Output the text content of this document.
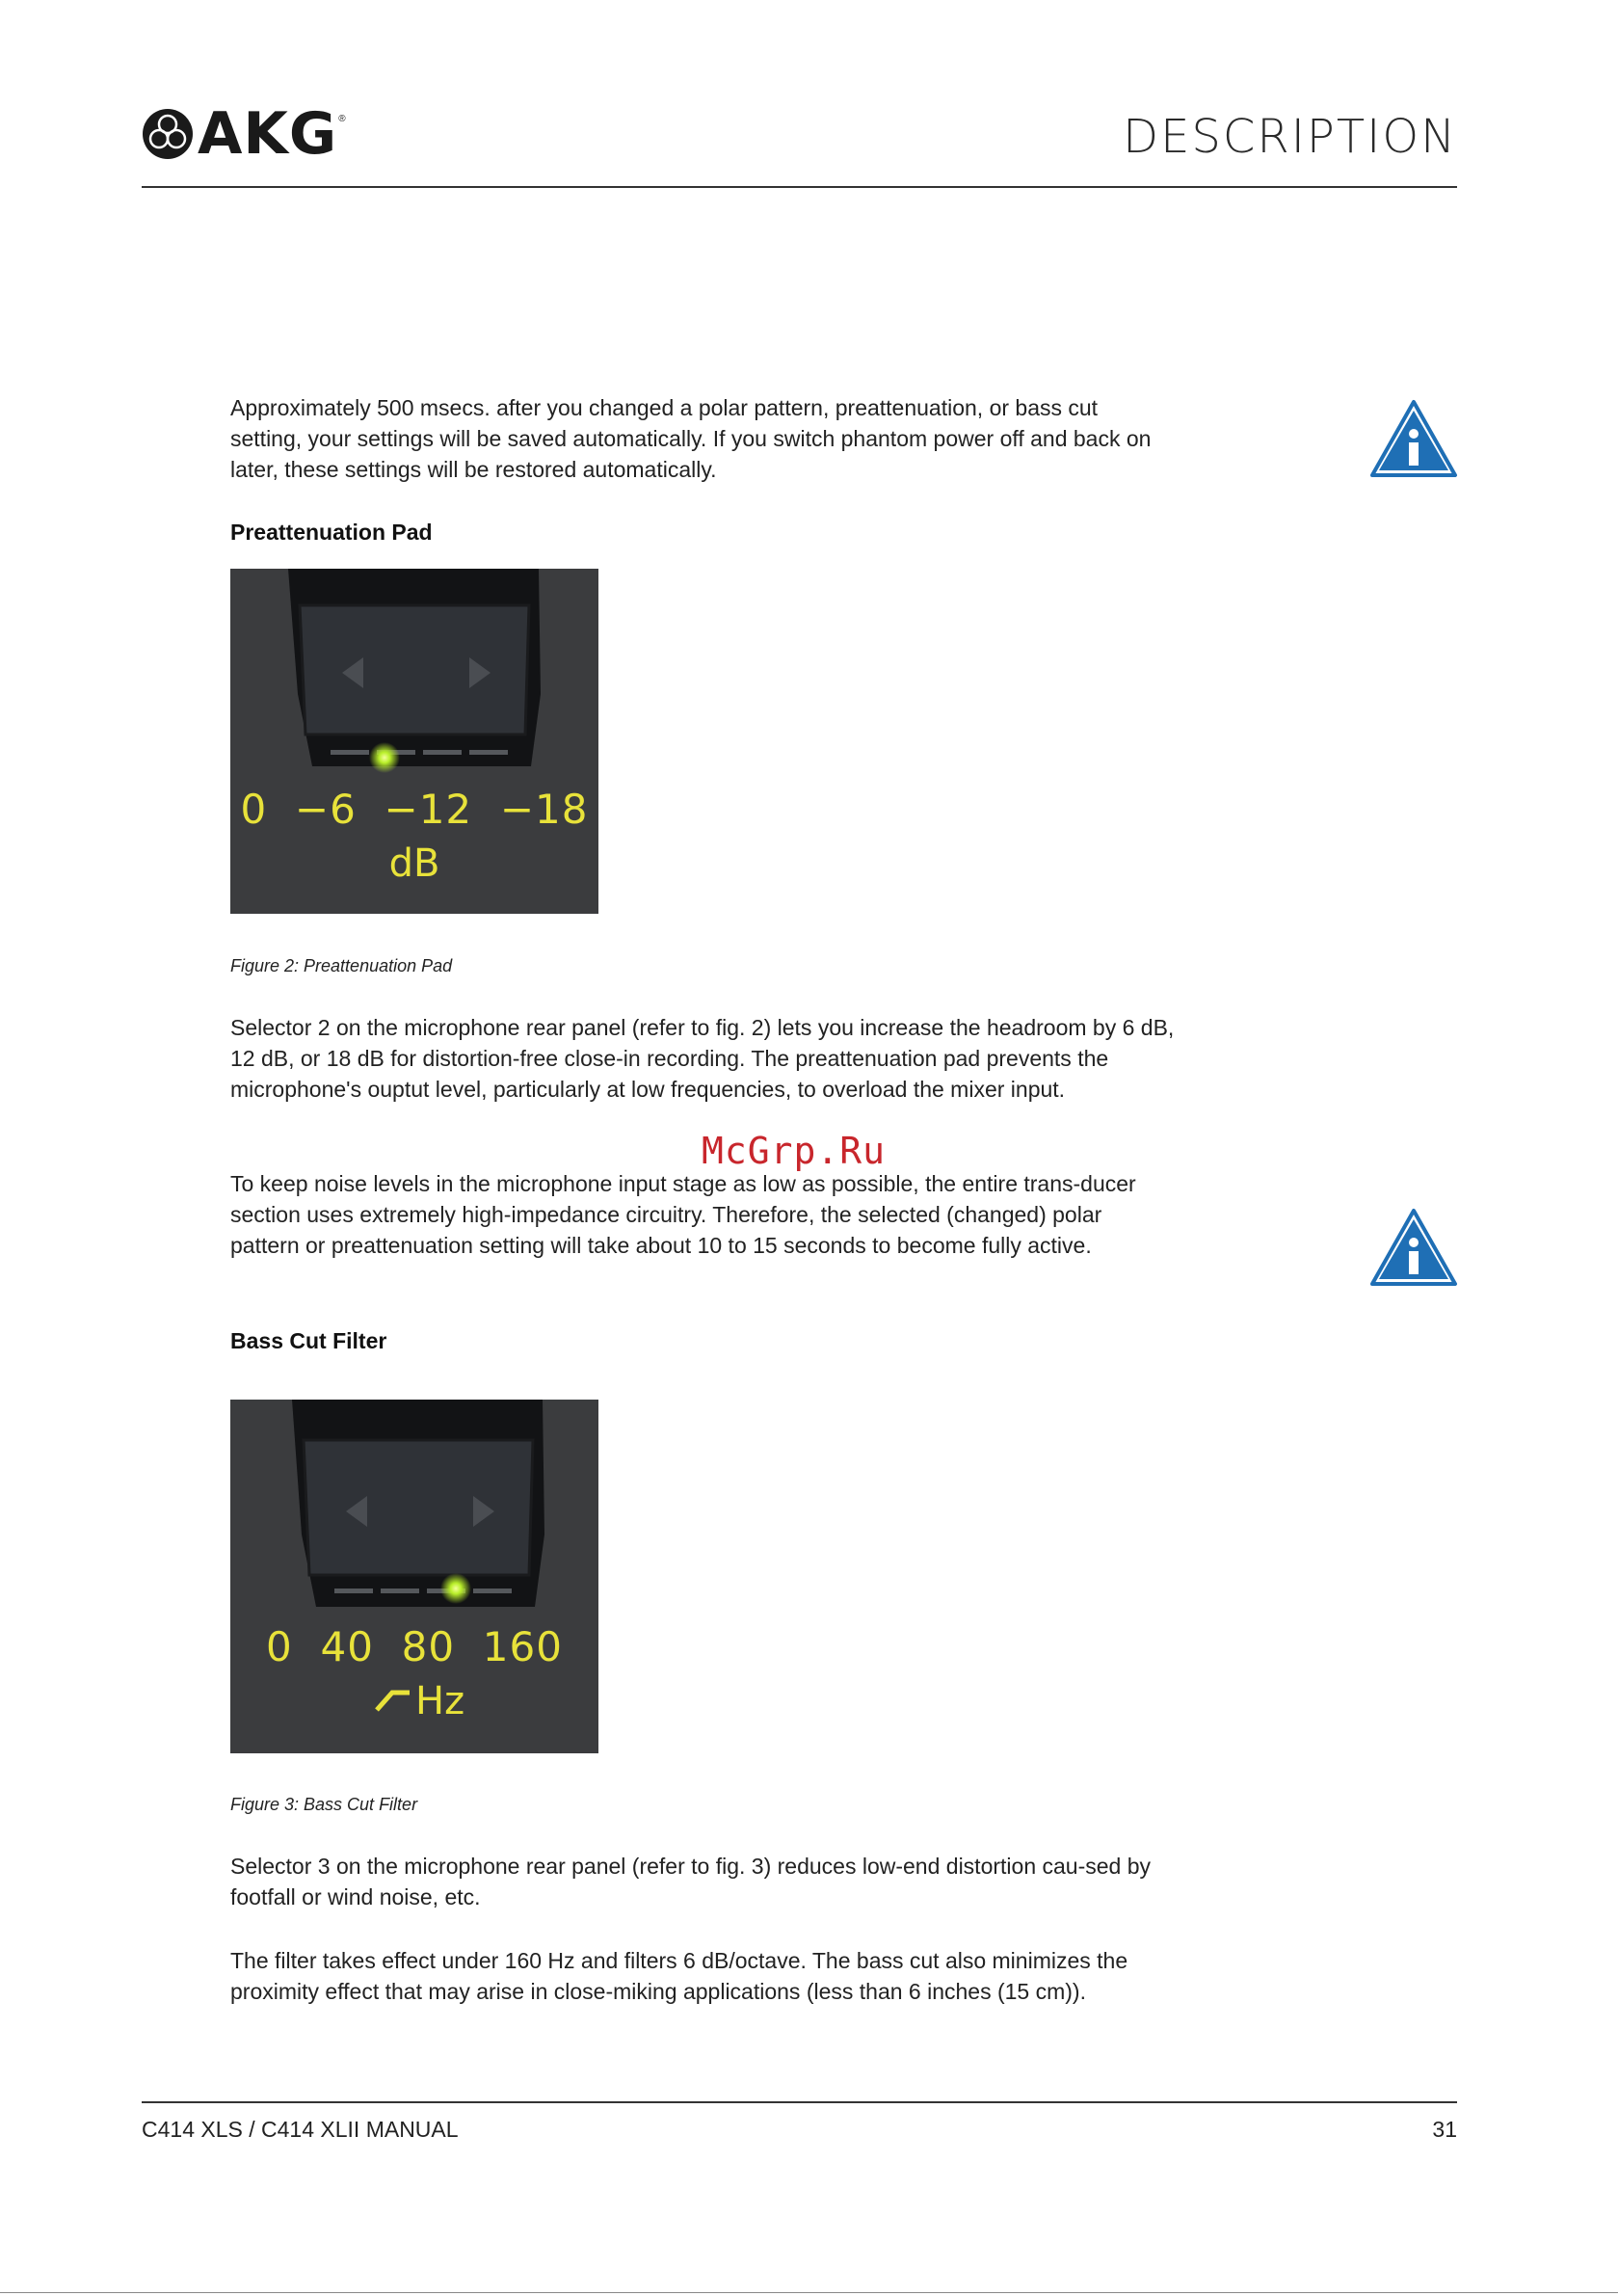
AKG ®	DESCRIPTION
Approximately 500 msecs. after you changed a polar pattern, preattenuation, or bass cut setting, your settings will be saved automatically. If you switch phantom power off and back on later, these settings will be restored automatically.
Preattenuation Pad
0  −6  −12  −18
dB
Figure 2: Preattenuation Pad
Selector 2 on the microphone rear panel (refer to fig. 2) lets you increase the headroom by 6 dB, 12 dB, or 18 dB for distortion-free close-in recording. The preattenuation pad prevents the microphone's ouptut level, particularly at low frequencies, to overload the mixer input.
McGrp.Ru
To keep noise levels in the microphone input stage as low as possible, the entire trans-ducer section uses extremely high-impedance circuitry. Therefore, the selected (changed) polar pattern or preattenuation setting will take about 10 to 15 seconds to become fully active.
Bass Cut Filter
0  40  80  160
Hz
Figure 3: Bass Cut Filter
Selector 3 on the microphone rear panel (refer to fig. 3) reduces low-end distortion cau-sed by footfall or wind noise, etc.
The filter takes effect under 160 Hz and filters 6 dB/octave. The bass cut also minimizes the proximity effect that may arise in close-miking applications (less than 6 inches (15 cm)).
C414 XLS / C414 XLII MANUAL	31
